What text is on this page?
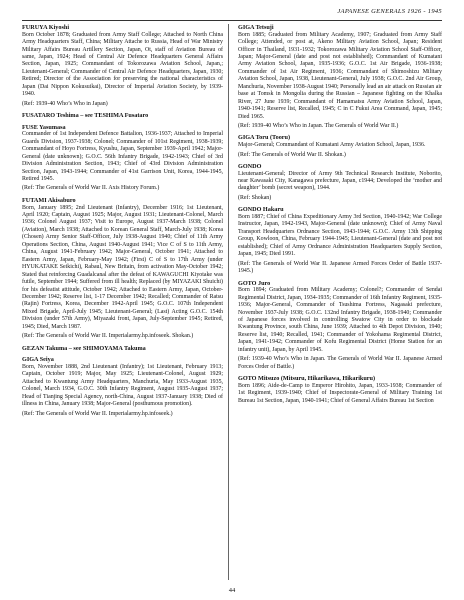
JAPANESE GENERALS 1926 - 1945

FURUYA Kiyoshi

Born October 1878; Graduated from Army Staff College; Attached to North China Army Headquarters Staff, China; Military Attache to Russia, Head of War Ministry Military Affairs Bureau Artillery Section, Japan, Ot, staff of Aviation Bureau of same, Japan, 1924; Head of Central Air Defence Headquarters General Affairs Section, Japan, 1925; Commandant of Tokorozawa Aviation School, Japan,; Lieutenant-General; Commander of Central Air Defence Headquarters, Japan, 1930; Retired; Director of the Association for preserving the national characteristics of Japan (Dai Nippon Kokusuikai), Director of Imperial Aviation Society, by 1939-1940.

(Ref: 1939-40 Who’s Who in Japan)

FUSATARO Teshima – see TESHIMA Fusataro

FUSE Yasumasa

Commander of 1st Independent Defence Battalion, 1936-1937; Attached to Imperial Guards Division, 1937-1938; Colonel; Commander of 101st Regiment, 1938-1939; Commandant of Hoyo Fortress, Kyushu, Japan, September 1939-April 1942; Major-General (date unknown); G.O.C. 56th Infantry Brigade, 1942-1943; Chief of 3rd Division Administration Section, 1943; Chief of 43rd Division Administration Section, Japan, 1943-1944; Commander of 41st Garrison Unit, Korea, 1944-1945, Retired 1945.

(Ref: The Generals of World War II. Axis History Forum.)

FUTAMI Akisaburo

Born, January 1895; 2nd Lieutenant (Infantry), December 1916; 1st Lieutenant, April 1920; Captain, August 1925; Major, August 1931; Lieutenant-Colonel, March 1936; Colonel August 1937; Visit to Europe, August 1937-March 1938; Colonel (Aviation), March 1938; Attached to Korean General Staff, March-July 1938; Korea (Chosen) Army Senior Staff-Officer, July 1938-August 1940; Chief of 11th Army Operations Section, China, August 1940-August 1941; Vice C of S to 11th Army, China, August 1941-February 1942; Major-General, October 1941; Attached to Eastern Army, Japan, February-May 1942; (First) C of S to 17th Army (under HYUKATAKE Seikichi), Rabaul, New Britain, from activation May-October 1942; Stated that reinforcing Guadalcanal after the defeat of KAWAGUCHI Kiyotake was futile, September 1944; Suffered from ill health; Replaced (by MIYAZAKI Shuichi) for his defeatist attitude, October 1942; Attached to Eastern Army, Japan, October-December 1942; Reserve list, 1-17 December 1942; Recalled; Commander of Ratsu (Rajin) Fortress, Korea, December 1942-April 1945; G.O.C. 107th Independent Mixed Brigade, April-July 1945; Lieutenant-General; (Last) Acting G.O.C. 154th Division (under 57th Army), Miyazaki front, Japan, July-September 1945; Retired, 1945; Died, March 1987.

(Ref: The Generals of World War II. Imperialarmy.hp.infoseek. Shokan.)

GEZAN Takuma – see SHIMOYAMA Takuma

GIGA Seiya

Born, November 1888, 2nd Lieutenant (Infantry); 1st Lieutenant, February 1913; Captain, October 1919; Major, May 1925; Lieutenant-Colonel, August 1929; Attached to Kwantung Army Headquarters, Manchuria, May 1933-August 1935, Colonel, March 1934, G.O.C. 30th Infantry Regiment, August 1935-August 1937; Head of Tianjing Special Agency, north-China, August 1937-January 1938; Died of illness in China, January 1938; Major-General (posthumous promotion).

(Ref: The Generals of World War II. Imperialarmy.hp.infoseek.)

GIGA Tetsuji

Born 1885; Graduated from Military Academy, 1907; Graduated from Army Staff College; Attended, or post at, Akeno Military Aviation School, Japan; Resident Officer in Thailand, 1931-1932; Tokorozawa Military Aviation School Staff-Officer, Japan; Major-General (date and post not established); Commandant of Kumatani Army Aviation School, Japan, 1935-1936; G.O.C. 1st Air Brigade, 1936-1938; Commander of 1st Air Regiment, 1936; Commandant of Shimoshizu Military Aviation School, Japan, 1938, Lieutenant-General, July 1938; G.O.C. 2nd Air Group, Manchuria, November 1938-August 1940; Personally lead an air attack on Russian air base at Tomsk in Mongolia during the Russian – Japanese fighting on the Khalka River, 27 June 1939; Commandant of Hamamatsu Army Aviation School, Japan, 1940-1941; Reserve list, Recalled, 1945; C in C Fukui Area Command, Japan, 1945; Died 1965.

(Ref: 1939-40 Who’s Who in Japan. The Generals of World War II.)

GIGA Toru (Tooru)

Major-General; Commandant of Kumatani Army Aviation School, Japan, 1936.

(Ref: The Generals of World War II. Shokan.)

GONDO

Lieutenant-General; Director of Army 9th Technical Research Institute, Noborito, near Kawasaki City, Kanagawa prefecture, Japan, c1944; Developed the ‘mother and daughter’ bomb (secret weapon), 1944.

(Ref: Shokan)

GONDO Hakaru

Born 1887; Chief of China Expeditionary Army 3rd Section, 1940-1942; War College Instructor, Japan, 1942-1943, Major-General (date unknown); Chief of Army Naval Transport Headquarters Ordnance Section, 1943-1944; G.O.C. Army 13th Shipping Group, Kowloon, China, February 1944-1945; Lieutenant-General (date and post not established); Chief of Army Ordnance Administration Headquarters Supply Section, Japan, 1945; Died 1991.

(Ref: The Generals of World War II. Japanese Armed Forces Order of Battle 1937-1945.)

GOTO Juro

Born 1894; Graduated from Military Academy; Colonel?; Commander of Sendai Regimental District, Japan, 1934-1935; Commander of 16th Infantry Regiment, 1935-1936; Major-General, Commander of Tsushima Fortress, Nagasaki prefecture, November 1937-July 1938; G.O.C. 132nd Infantry Brigade, 1938-1940; Commander of Japanese forces involved in controlling Swatow City in order to blockade Kwantung Province, south China, June 1939; Attached to 4th Depot Division, 1940; Reserve list, 1940; Recalled, 1941; Commander of Yokohama Regimental District, Japan, 1941-1942; Commander of Kofu Regimental District (Home Station for an infantry unit), Japan, by April 1945.

(Ref: 1939-40 Who’s Who in Japan. The Generals of World War II. Japanese Armed Forces Order of Battle.)

GOTO Mitsuzo (Mitsuru, Hikarikawa, Hikarikuru)

Born 1896; Aide-de-Camp to Emperor Hirohito, Japan, 1933-1938; Commander of 1st Regiment, 1939-1940; Chief of Inspectorate-General of Military Training 1st Bureau 1st Section, Japan, 1940-1941; Chief of General Affairs Bureau 1st Section

44
